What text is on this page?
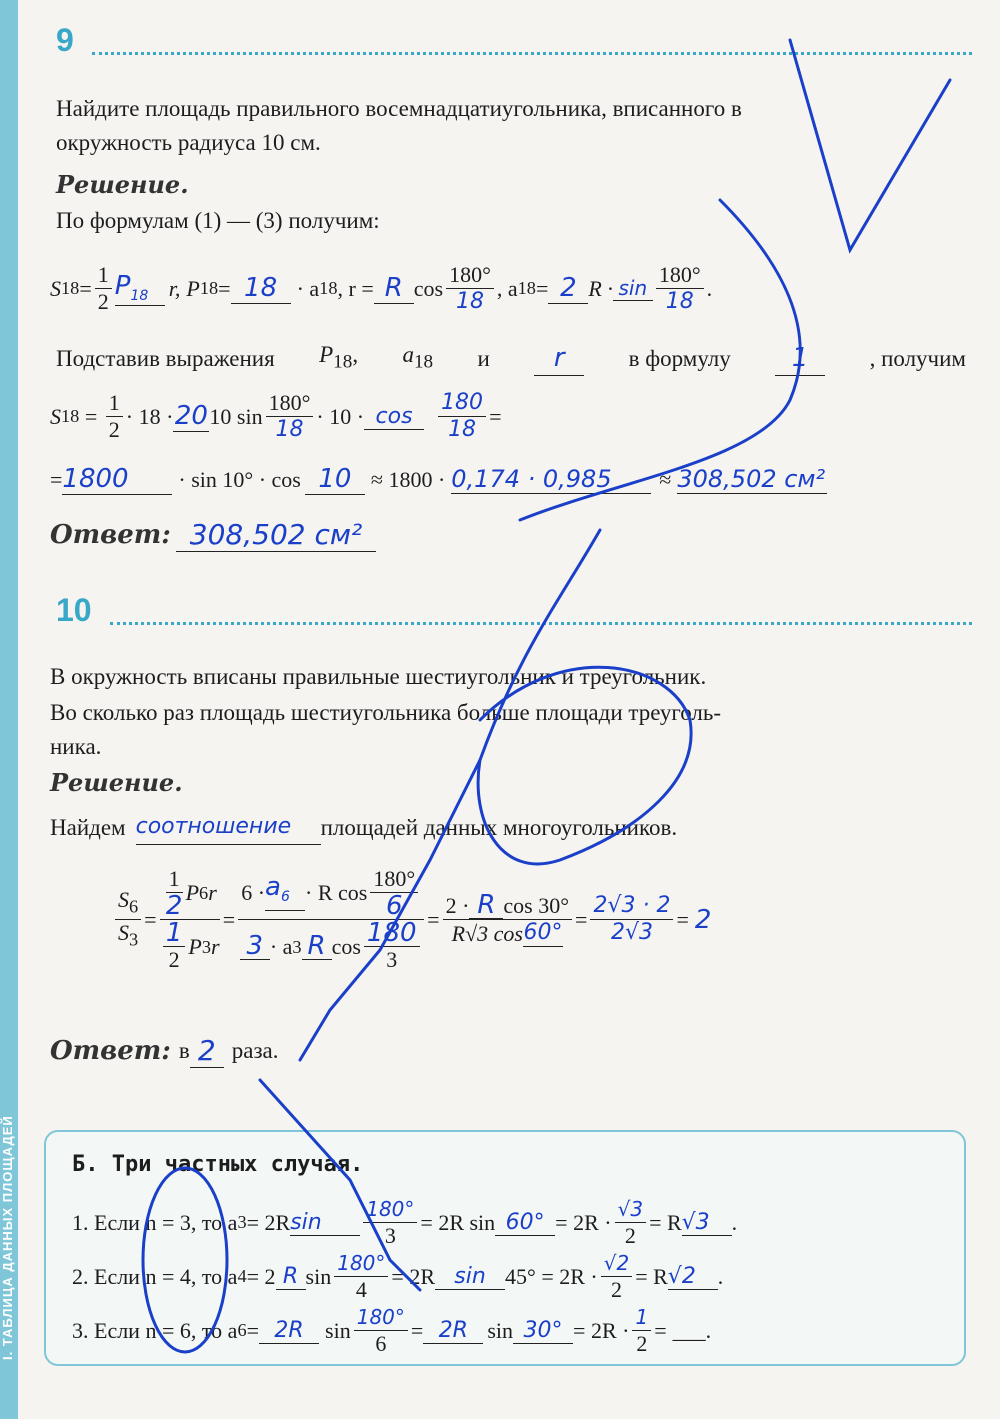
I. ТАБЛИЦА ДАННЫХ ПЛОЩАДЕЙ
9
Найдите площадь правильного восемнадцатиугольника, вписанного в
окружность радиуса 10 см.
Решение.
По формулам (1) — (3) получим:
S $18 = \frac{1}{2} P_{18}$ r, P 18 = 18 · a 18 , r = R $\cos \frac{180^\circ}{18}$ , a 18 = 2 $R \cdot \sin \frac{180^\circ}{18}$ .
Подставив выражения $P_{18}$, $a_{18}$ и	r	в формулу	1	, получим
S $18 = \frac{1}{2} \cdot 18 \cdot 20$ 10 $\sin \frac{180^\circ}{18} \cdot 10 \cdot \cos$	$\frac{180}{18}$ =
= 1800	· sin 10° · cos 10 ≈ 1800 · 0,174 · 0,985	≈ 308,502 см²
Ответ: 308,502 см²
10
В окружность вписаны правильные шестиугольник и треугольник.
Во сколько раз площадь шестиугольника больше площади треуголь-
ника.
Решение.
Найдем соотношение	площадей данных многоугольников.
$\frac{S_6}{S_3} = \frac{\frac{1}{2} P 6 r}{\frac{1}{2} P 3 r} = \frac{6 \cdot a_6 \cdot R \cos \frac{180^\circ}{6}}{3 \cdot a 3 R \cos \frac{180}{3}} = \frac{\text{2 · R cos 30°}}{R√3 \cos 60^\circ} = \frac{2√3 \cdot 2}{2√3} = 2$
Ответ: в 2 раза.
Б. Три частных случая.
1. Если n = 3, то a 3 = 2R sin	$\frac{180^\circ}{3} = 2R$ $\sin 60^\circ = 2R \cdot \frac{√3}{2} = R$ √3 .
2. Если n = 4, то a 4 = 2 R $\sin \frac{180^\circ}{4} = 2R$ $\sin 45^\circ = 2R \cdot \frac{√2}{2} = R$ √2 .
3. Если n = 6, то a 6 = 2R $\sin \frac{180^\circ}{6} = 2R$ $\sin 30^\circ = 2R \cdot \frac{1}{2}$ = ___.
